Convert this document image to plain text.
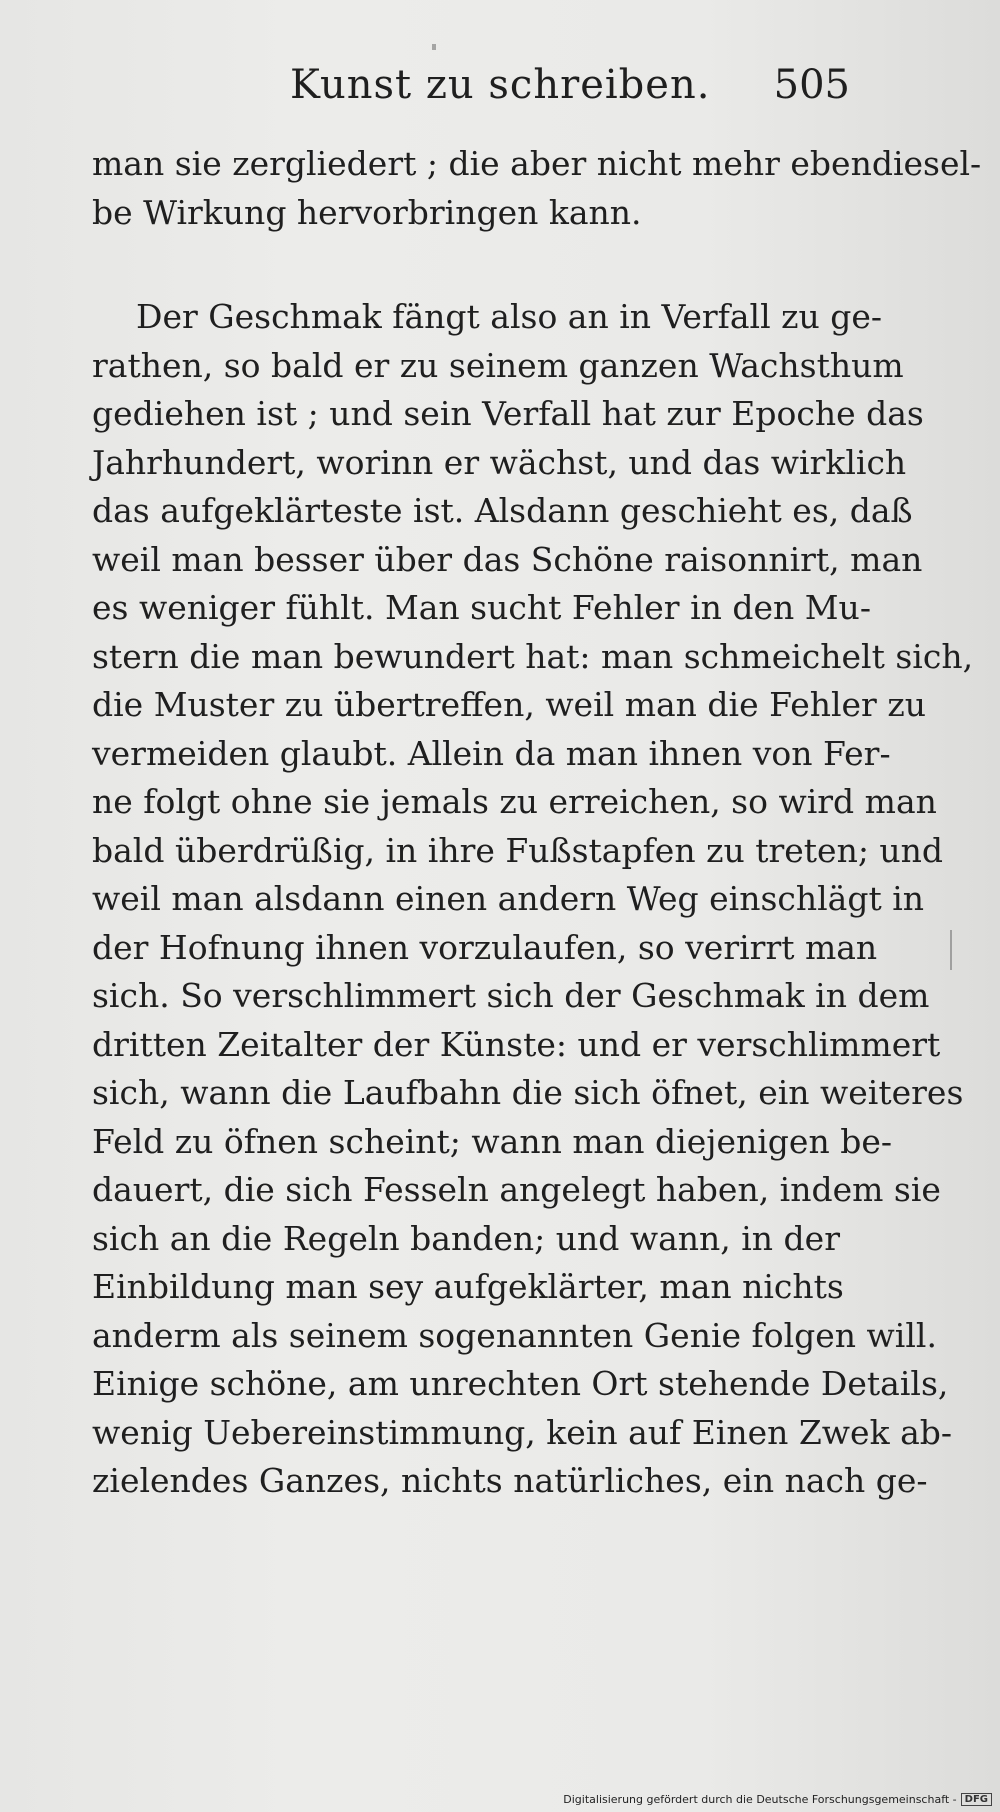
Kunst zu schreiben. 505
man sie zergliedert ; die aber nicht mehr ebendiesel-
be Wirkung hervorbringen kann.
Der Geschmak fängt also an in Verfall zu ge-
rathen, so bald er zu seinem ganzen Wachsthum
gediehen ist ; und sein Verfall hat zur Epoche das
Jahrhundert, worinn er wächst, und das wirklich
das aufgeklärteste ist. Alsdann geschieht es, daß
weil man besser über das Schöne raisonnirt, man
es weniger fühlt. Man sucht Fehler in den Mu-
stern die man bewundert hat: man schmeichelt sich,
die Muster zu übertreffen, weil man die Fehler zu
vermeiden glaubt. Allein da man ihnen von Fer-
ne folgt ohne sie jemals zu erreichen, so wird man
bald überdrüßig, in ihre Fußstapfen zu treten; und
weil man alsdann einen andern Weg einschlägt in
der Hofnung ihnen vorzulaufen, so verirrt man
sich. So verschlimmert sich der Geschmak in dem
dritten Zeitalter der Künste: und er verschlimmert
sich, wann die Laufbahn die sich öfnet, ein weiteres
Feld zu öfnen scheint; wann man diejenigen be-
dauert, die sich Fesseln angelegt haben, indem sie
sich an die Regeln banden; und wann, in der
Einbildung man sey aufgeklärter, man nichts
anderm als seinem sogenannten Genie folgen will.
Einige schöne, am unrechten Ort stehende Details,
wenig Uebereinstimmung, kein auf Einen Zwek ab-
zielendes Ganzes, nichts natürliches, ein nach ge-
Digitalisierung gefördert durch die Deutsche Forschungsgemeinschaft - DFG
